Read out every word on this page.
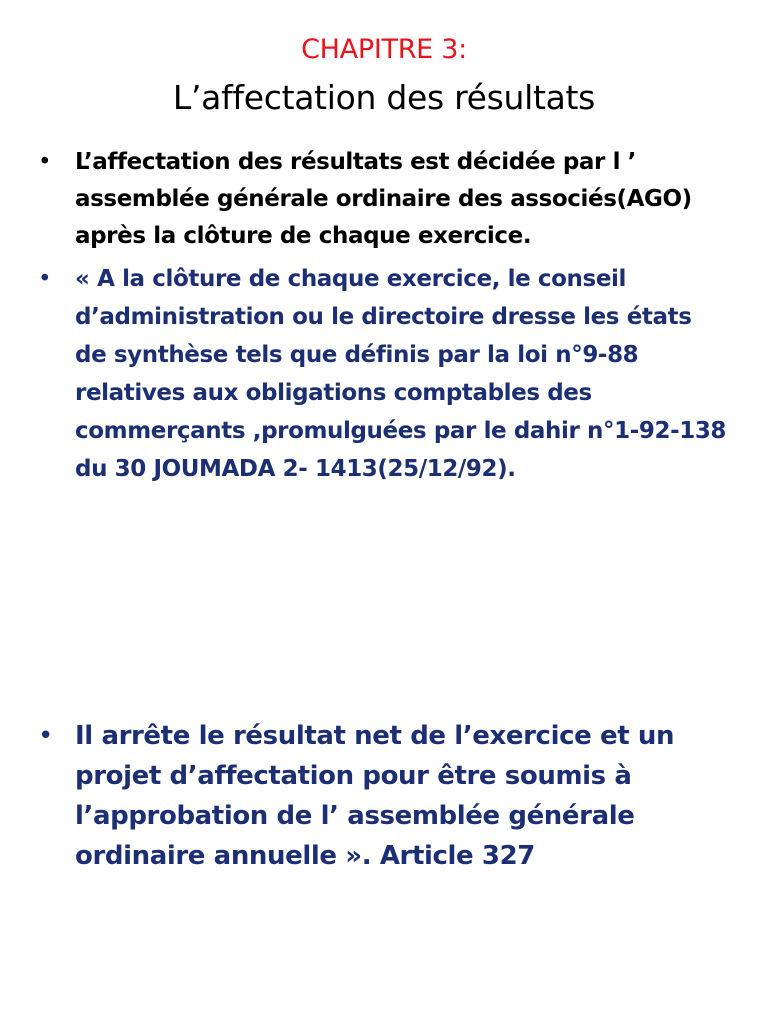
CHAPITRE 3:
L’affectation des résultats
•	L’affectation des résultats est décidée par l ’ assemblée générale ordinaire des associés(AGO) après la clôture de chaque exercice.
•	« A la clôture de chaque exercice, le conseil d’administration ou le directoire dresse les états de synthèse tels que définis par la loi n°9-88 relatives aux obligations comptables des commerçants ,promulguées par le dahir n°1-92-138 du 30 JOUMADA 2- 1413(25/12/92).
• Il arrête le résultat net de l’exercice et un projet d’affectation pour être soumis à l’approbation de l’ assemblée générale ordinaire annuelle ». Article 327
